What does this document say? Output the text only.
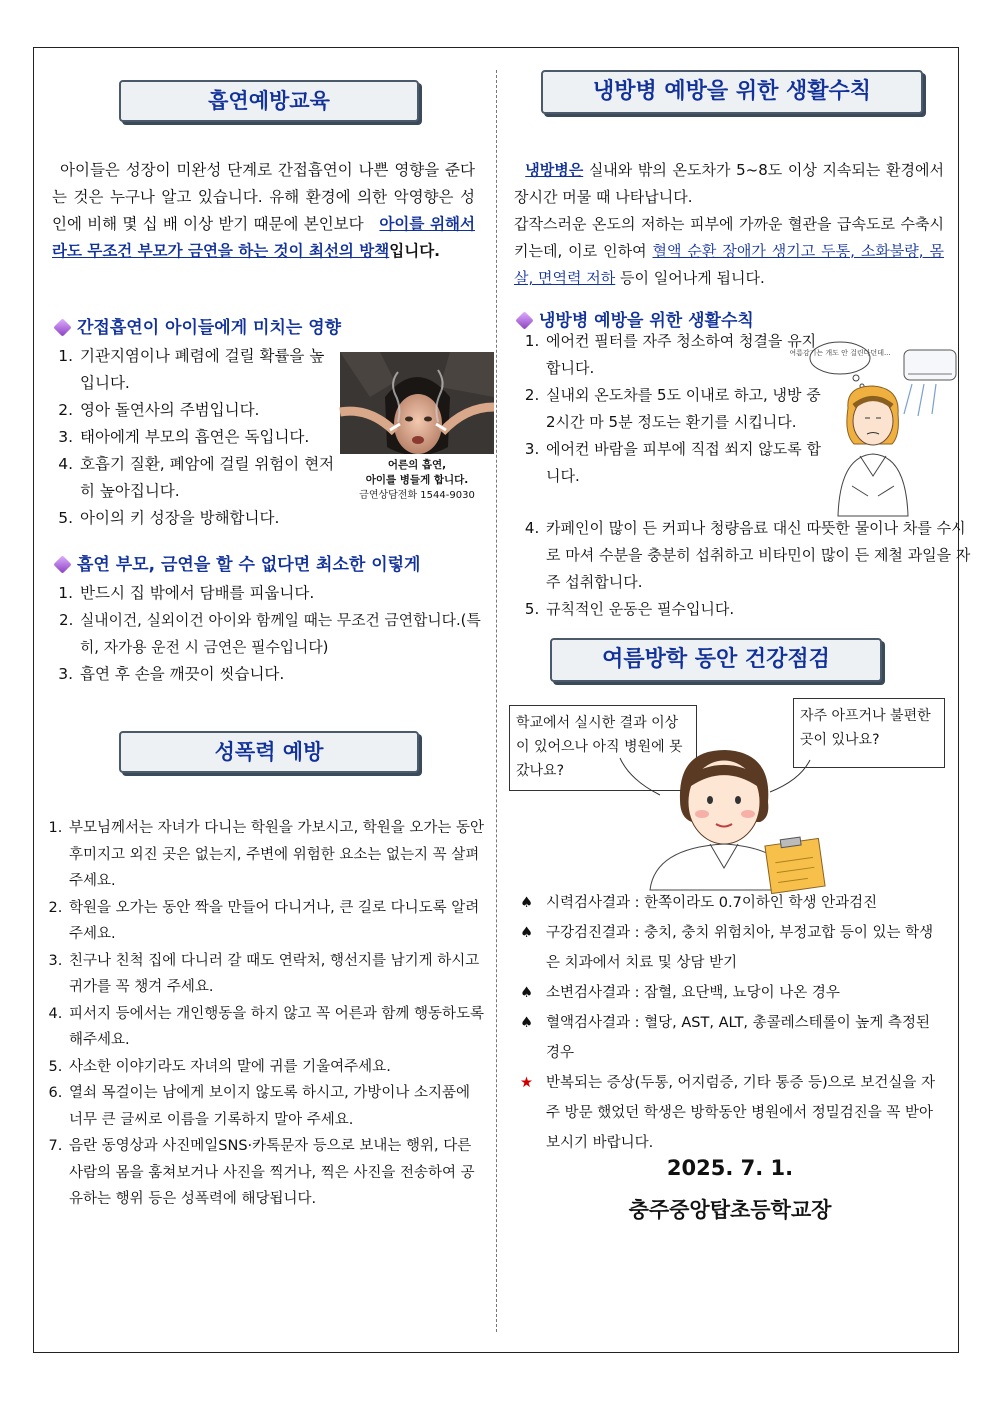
흡연예방교육

아이들은 성장이 미완성 단계로 간접흡연이 나쁜 영향을 준다는 것은 누구나 알고 있습니다. 유해 환경에 의한 악영향은 성인에 비해 몇 십 배 이상 받기 때문에 본인보다 아이를 위해서라도 무조건 부모가 금연을 하는 것이 최선의 방책입니다.

간접흡연이 아이들에게 미치는 영향
1. 기관지염이나 폐렴에 걸릴 확률을 높입니다.
2. 영아 돌연사의 주범입니다.
3. 태아에게 부모의 흡연은 독입니다.
4. 호흡기 질환, 폐암에 걸릴 위험이 현저히 높아집니다.
5. 아이의 키 성장을 방해합니다.
어른의 흡연,
아이를 병들게 합니다.
금연상담전화 1544-9030
흡연 부모, 금연을 할 수 없다면 최소한 이렇게
1. 반드시 집 밖에서 담배를 피웁니다.
2. 실내이건, 실외이건 아이와 함께일 때는 무조건 금연합니다.(특히, 자가용 운전 시 금연은 필수입니다)
3. 흡연 후 손을 깨끗이 씻습니다.
성폭력 예방
1. 부모님께서는 자녀가 다니는 학원을 가보시고, 학원을 오가는 동안 후미지고 외진 곳은 없는지, 주변에 위험한 요소는 없는지 꼭 살펴 주세요.
2. 학원을 오가는 동안 짝을 만들어 다니거나, 큰 길로 다니도록 알려주세요.
3. 친구나 친척 집에 다니러 갈 때도 연락처, 행선지를 남기게 하시고 귀가를 꼭 챙겨 주세요.
4. 피서지 등에서는 개인행동을 하지 않고 꼭 어른과 함께 행동하도록 해주세요.
5. 사소한 이야기라도 자녀의 말에 귀를 기울여주세요.
6. 열쇠 목걸이는 남에게 보이지 않도록 하시고, 가방이나 소지품에 너무 큰 글씨로 이름을 기록하지 말아 주세요.
7. 음란 동영상과 사진메일SNS·카톡문자 등으로 보내는 행위, 다른 사람의 몸을 훔쳐보거나 사진을 찍거나, 찍은 사진을 전송하여 공유하는 행위 등은 성폭력에 해당됩니다.
냉방병 예방을 위한 생활수칙

냉방병은 실내와 밖의 온도차가 5~8도 이상 지속되는 환경에서 장시간 머물 때 나타납니다.
갑작스러운 온도의 저하는 피부에 가까운 혈관을 급속도로 수축시키는데, 이로 인하여 혈액 순환 장애가 생기고 두통, 소화불량, 몸살, 면역력 저하 등이 일어나게 됩니다.

냉방병 예방을 위한 생활수칙
1. 에어컨 필터를 자주 청소하여 청결을 유지합니다.
2. 실내외 온도차를 5도 이내로 하고, 냉방 중 2시간 마 5분 정도는 환기를 시킵니다.
3. 에어컨 바람을 피부에 직접 쐬지 않도록 합니다.
4. 카페인이 많이 든 커피나 청량음료 대신 따뜻한 물이나 차를 수시로 마셔 수분을 충분히 섭취하고 비타민이 많이 든 제철 과일을 자주 섭취합니다.
5. 규칙적인 운동은 필수입니다.
여름감기는 개도 안 걸린다던데...
여름방학 동안 건강점검
학교에서 실시한 결과 이상이 있어으나 아직 병원에 못 갔나요?
자주 아프거나 불편한 곳이 있나요?
♠ 시력검사결과 : 한쪽이라도 0.7이하인 학생 안과검진
♠ 구강검진결과 : 충치, 충치 위험치아, 부정교합 등이 있는 학생은 치과에서 치료 및 상담 받기
♠ 소변검사결과 : 잠혈, 요단백, 뇨당이 나온 경우
♠ 혈액검사결과 : 혈당, AST, ALT, 총콜레스테롤이 높게 측정된 경우
★ 반복되는 증상(두통, 어지럼증, 기타 통증 등)으로 보건실을 자주 방문 했었던 학생은 방학동안 병원에서 정밀검진을 꼭 받아 보시기 바랍니다.
2025. 7. 1.
충주중앙탑초등학교장
